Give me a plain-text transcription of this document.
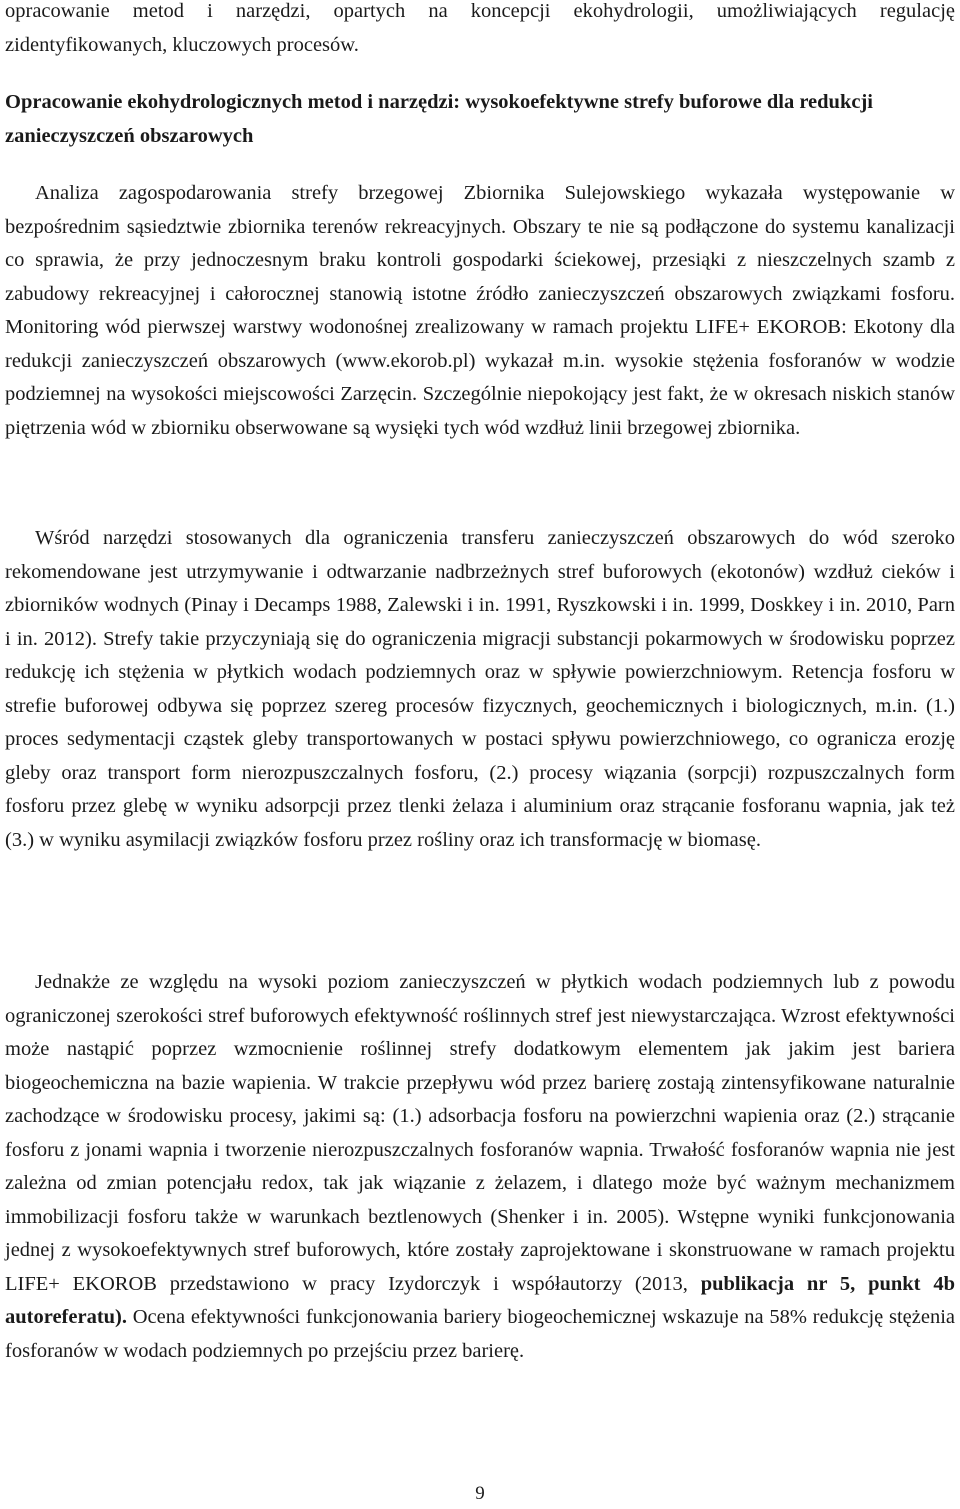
opracowanie metod i narzędzi, opartych na koncepcji ekohydrologii, umożliwiających regulację zidentyfikowanych, kluczowych procesów.

Opracowanie ekohydrologicznych metod i narzędzi: wysokoefektywne strefy buforowe dla redukcji zanieczyszczeń obszarowych

Analiza zagospodarowania strefy brzegowej Zbiornika Sulejowskiego wykazała występowanie w bezpośrednim sąsiedztwie zbiornika terenów rekreacyjnych. Obszary te nie są podłączone do systemu kanalizacji co sprawia, że przy jednoczesnym braku kontroli gospodarki ściekowej, przesiąki z nieszczelnych szamb z zabudowy rekreacyjnej i całorocznej stanowią istotne źródło zanieczyszczeń obszarowych związkami fosforu. Monitoring wód pierwszej warstwy wodonośnej zrealizowany w ramach projektu LIFE+ EKOROB: Ekotony dla redukcji zanieczyszczeń obszarowych (www.ekorob.pl) wykazał m.in. wysokie stężenia fosforanów w wodzie podziemnej na wysokości miejscowości Zarzęcin. Szczególnie niepokojący jest fakt, że w okresach niskich stanów piętrzenia wód w zbiorniku obserwowane są wysięki tych wód wzdłuż linii brzegowej zbiornika.

Wśród narzędzi stosowanych dla ograniczenia transferu zanieczyszczeń obszarowych do wód szeroko rekomendowane jest utrzymywanie i odtwarzanie nadbrzeżnych stref buforowych (ekotonów) wzdłuż cieków i zbiorników wodnych (Pinay i Decamps 1988, Zalewski i in. 1991, Ryszkowski i in. 1999, Doskkey i in. 2010, Parn i in. 2012). Strefy takie przyczyniają się do ograniczenia migracji substancji pokarmowych w środowisku poprzez redukcję ich stężenia w płytkich wodach podziemnych oraz w spływie powierzchniowym. Retencja fosforu w strefie buforowej odbywa się poprzez szereg procesów fizycznych, geochemicznych i biologicznych, m.in. (1.) proces sedymentacji cząstek gleby transportowanych w postaci spływu powierzchniowego, co ogranicza erozję gleby oraz transport form nierozpuszczalnych fosforu, (2.) procesy wiązania (sorpcji) rozpuszczalnych form fosforu przez glebę w wyniku adsorpcji przez tlenki żelaza i aluminium oraz strącanie fosforanu wapnia, jak też (3.) w wyniku asymilacji związków fosforu przez rośliny oraz ich transformację w biomasę.

Jednakże ze względu na wysoki poziom zanieczyszczeń w płytkich wodach podziemnych lub z powodu ograniczonej szerokości stref buforowych efektywność roślinnych stref jest niewystarczająca. Wzrost efektywności może nastąpić poprzez wzmocnienie roślinnej strefy dodatkowym elementem jak jakim jest bariera biogeochemiczna na bazie wapienia. W trakcie przepływu wód przez barierę zostają zintensyfikowane naturalnie zachodzące w środowisku procesy, jakimi są: (1.) adsorbacja fosforu na powierzchni wapienia oraz (2.) strącanie fosforu z jonami wapnia i tworzenie nierozpuszczalnych fosforanów wapnia. Trwałość fosforanów wapnia nie jest zależna od zmian potencjału redox, tak jak wiązanie z żelazem, i dlatego może być ważnym mechanizmem immobilizacji fosforu także w warunkach beztlenowych (Shenker i in. 2005). Wstępne wyniki funkcjonowania jednej z wysokoefektywnych stref buforowych, które zostały zaprojektowane i skonstruowane w ramach projektu LIFE+ EKOROB przedstawiono w pracy Izydorczyk i współautorzy (2013, publikacja nr 5, punkt 4b autoreferatu). Ocena efektywności funkcjonowania bariery biogeochemicznej wskazuje na 58% redukcję stężenia fosforanów w wodach podziemnych po przejściu przez barierę.

9
